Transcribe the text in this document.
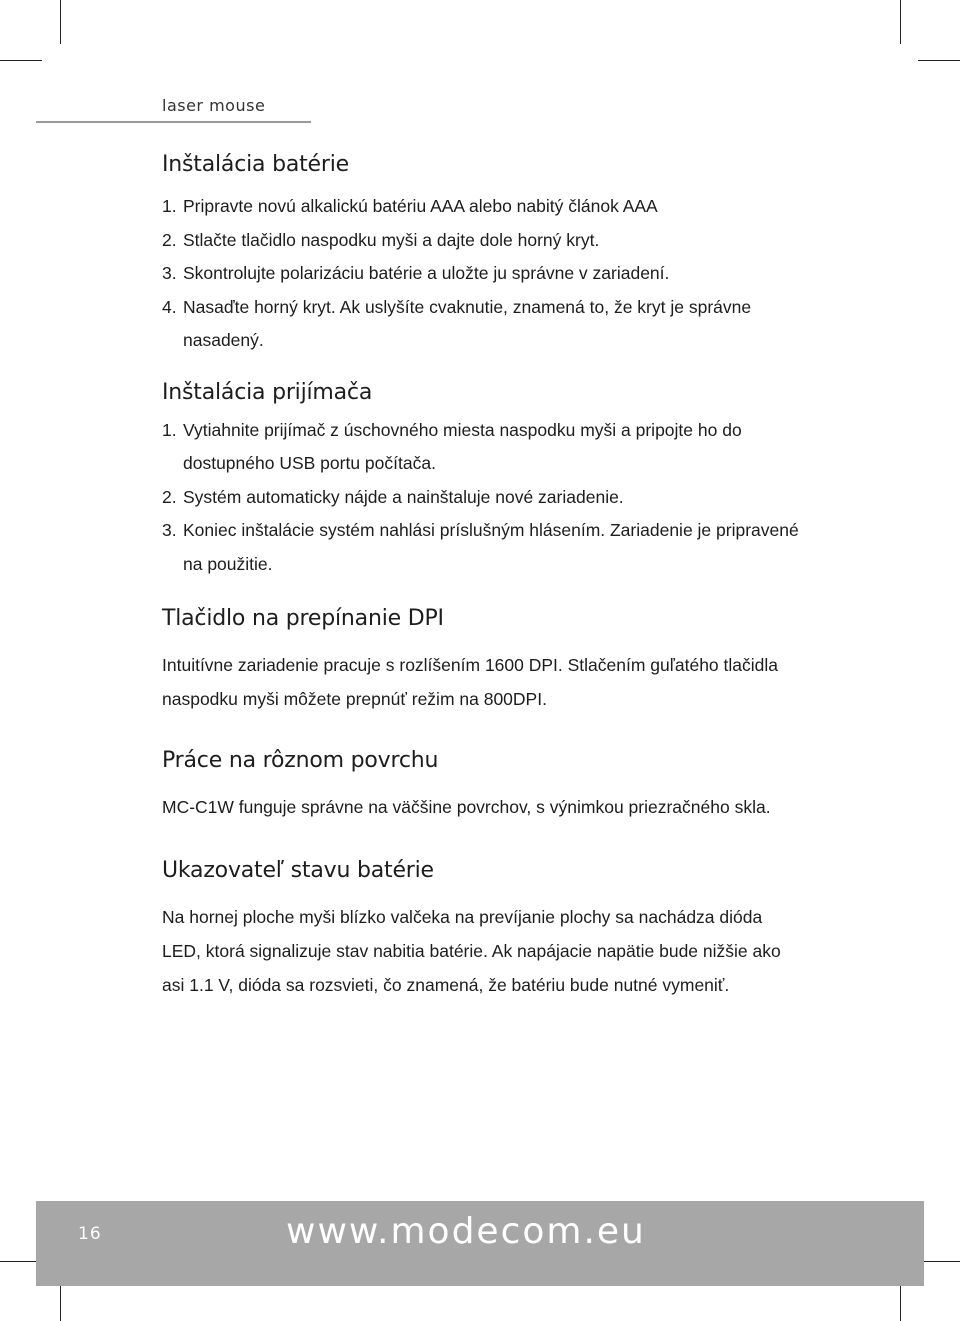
laser mouse
Inštalácia batérie
1. Pripravte novú alkalickú batériu AAA alebo nabitý článok AAA
2. Stlačte tlačidlo naspodku myši a dajte dole horný kryt.
3. Skontrolujte polarizáciu batérie a uložte ju správne v zariadení.
4. Nasaďte horný kryt. Ak uslyšíte cvaknutie, znamená to, že kryt je správne nasadený.
Inštalácia prijímača
1. Vytiahnite prijímač z úschovného miesta naspodku myši a pripojte ho do dostupného USB portu počítača.
2. Systém automaticky nájde a nainštaluje nové zariadenie.
3. Koniec inštalácie systém nahlási príslušným hlásením. Zariadenie je pripravené na použitie.
Tlačidlo na prepínanie DPI

Intuitívne zariadenie pracuje s rozlíšením 1600 DPI. Stlačením guľatého tlačidla naspodku myši môžete prepnúť režim na 800DPI.

Práce na rôznom povrchu

MC-C1W funguje správne na väčšine povrchov, s výnimkou priezračného skla.

Ukazovateľ stavu batérie

Na hornej ploche myši blízko valčeka na prevíjanie plochy sa nachádza dióda LED, ktorá signalizuje stav nabitia batérie. Ak napájacie napätie bude nižšie ako asi 1.1 V, dióda sa rozsvieti, čo znamená, že batériu bude nutné vymeniť.

16	www.modecom.eu
